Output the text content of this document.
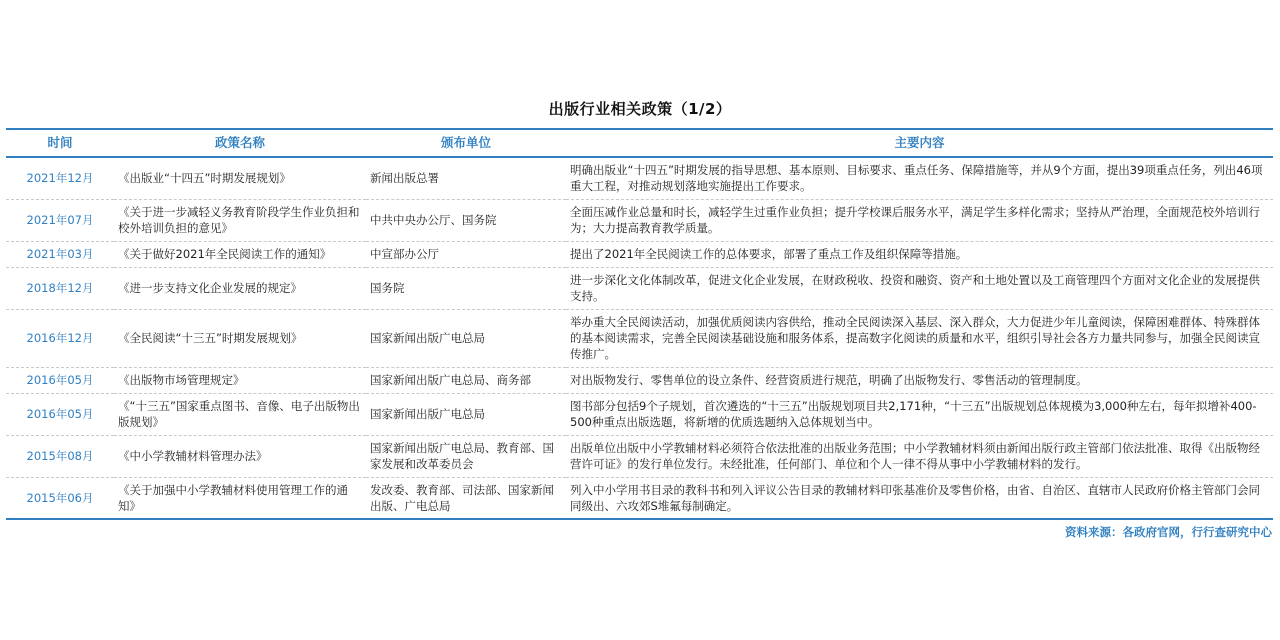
出版行业相关政策（1/2）
时间	政策名称	颁布单位	主要内容
2021年12月	《出版业“十四五”时期发展规划》	新闻出版总署	明确出版业“十四五”时期发展的指导思想、基本原则、目标要求、重点任务、保障措施等，并从9个方面，提出39项重点任务，列出46项重大工程，对推动规划落地实施提出工作要求。
2021年07月	《关于进一步减轻义务教育阶段学生作业负担和校外培训负担的意见》	中共中央办公厅、国务院	全面压减作业总量和时长，减轻学生过重作业负担；提升学校课后服务水平，满足学生多样化需求；坚持从严治理，全面规范校外培训行为；大力提高教育教学质量。
2021年03月	《关于做好2021年全民阅读工作的通知》	中宣部办公厅	提出了2021年全民阅读工作的总体要求，部署了重点工作及组织保障等措施。
2018年12月	《进一步支持文化企业发展的规定》	国务院	进一步深化文化体制改革，促进文化企业发展，在财政税收、投资和融资、资产和土地处置以及工商管理四个方面对文化企业的发展提供支持。
2016年12月	《全民阅读“十三五”时期发展规划》	国家新闻出版广电总局	举办重大全民阅读活动，加强优质阅读内容供给，推动全民阅读深入基层、深入群众，大力促进少年儿童阅读，保障困难群体、特殊群体的基本阅读需求，完善全民阅读基础设施和服务体系，提高数字化阅读的质量和水平，组织引导社会各方力量共同参与，加强全民阅读宣传推广。
2016年05月	《出版物市场管理规定》	国家新闻出版广电总局、商务部	对出版物发行、零售单位的设立条件、经营资质进行规范，明确了出版物发行、零售活动的管理制度。
2016年05月	《“十三五”国家重点图书、音像、电子出版物出版规划》	国家新闻出版广电总局	图书部分包括9个子规划，首次遴选的“十三五”出版规划项目共2,171种，“十三五”出版规划总体规模为3,000种左右，每年拟增补400-500种重点出版选题，将新增的优质选题纳入总体规划当中。
2015年08月	《中小学教辅材料管理办法》	国家新闻出版广电总局、教育部、国家发展和改革委员会	出版单位出版中小学教辅材料必须符合依法批准的出版业务范围；中小学教辅材料须由新闻出版行政主管部门依法批准、取得《出版物经营许可证》的发行单位发行。未经批准，任何部门、单位和个人一律不得从事中小学教辅材料的发行。
2015年06月	《关于加强中小学教辅材料使用管理工作的通知》	发改委、教育部、司法部、国家新闻出版、广电总局	列入中小学用书目录的教科书和列入评议公告目录的教辅材料印张基准价及零售价格，由省、自治区、直辖市人民政府价格主管部门会同同级出、六攻郊S堆氟每制确定。
资料来源：各政府官网，行行查研究中心
